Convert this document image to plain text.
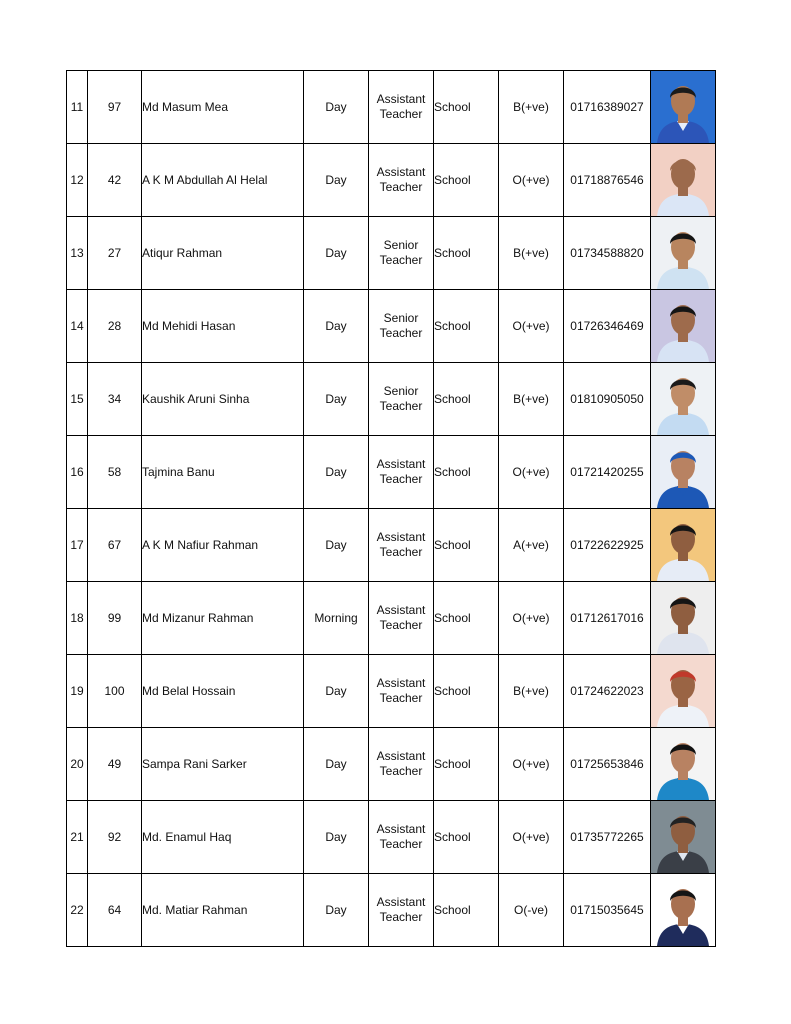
11	97	Md Masum Mea	Day	Assistant
Teacher	School	B(+ve)	01716389027	

12	42	A K M Abdullah Al Helal	Day	Assistant
Teacher	School	O(+ve)	01718876546	

13	27	Atiqur Rahman	Day	Senior
Teacher	School	B(+ve)	01734588820	

14	28	Md Mehidi Hasan	Day	Senior
Teacher	School	O(+ve)	01726346469	

15	34	Kaushik Aruni Sinha	Day	Senior
Teacher	School	B(+ve)	01810905050	

16	58	Tajmina Banu	Day	Assistant
Teacher	School	O(+ve)	01721420255	

17	67	A K M Nafiur Rahman	Day	Assistant
Teacher	School	A(+ve)	01722622925	

18	99	Md Mizanur Rahman	Morning	Assistant
Teacher	School	O(+ve)	01712617016	

19	100	Md Belal Hossain	Day	Assistant
Teacher	School	B(+ve)	01724622023	

20	49	Sampa Rani Sarker	Day	Assistant
Teacher	School	O(+ve)	01725653846	

21	92	Md. Enamul Haq	Day	Assistant
Teacher	School	O(+ve)	01735772265	

22	64	Md. Matiar Rahman	Day	Assistant
Teacher	School	O(-ve)	01715035645	
